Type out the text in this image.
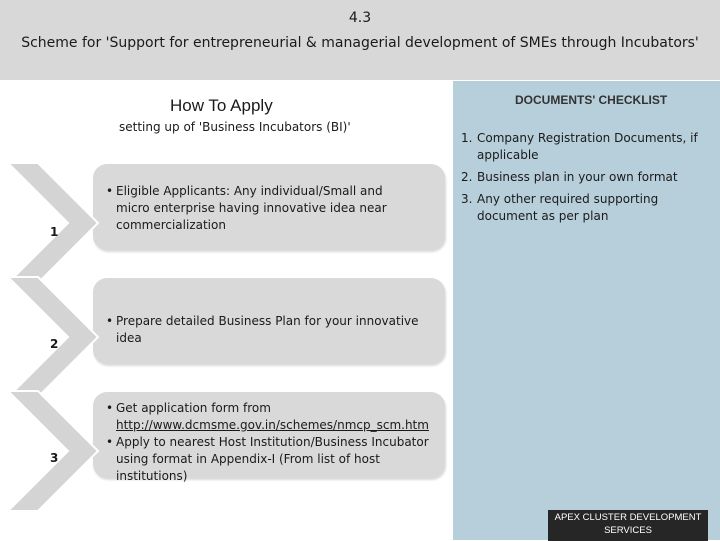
4.3
Scheme for 'Support for entrepreneurial & managerial development of SMEs through Incubators'
How To Apply
setting up of 'Business Incubators (BI)'
DOCUMENTS' CHECKLIST
1. Company Registration Documents, if applicable
2. Business plan in your own format
3. Any other required supporting document as per plan
1
2
3
• Eligible Applicants: Any individual/Small and micro enterprise having innovative idea near commercialization
• Prepare detailed Business Plan for your innovative idea
• Get application form from
http://www.dcmsme.gov.in/schemes/nmcp_scm.htm
• Apply to nearest Host Institution/Business Incubator using format in Appendix-I (From list of host institutions)
APEX CLUSTER DEVELOPMENT
SERVICES
